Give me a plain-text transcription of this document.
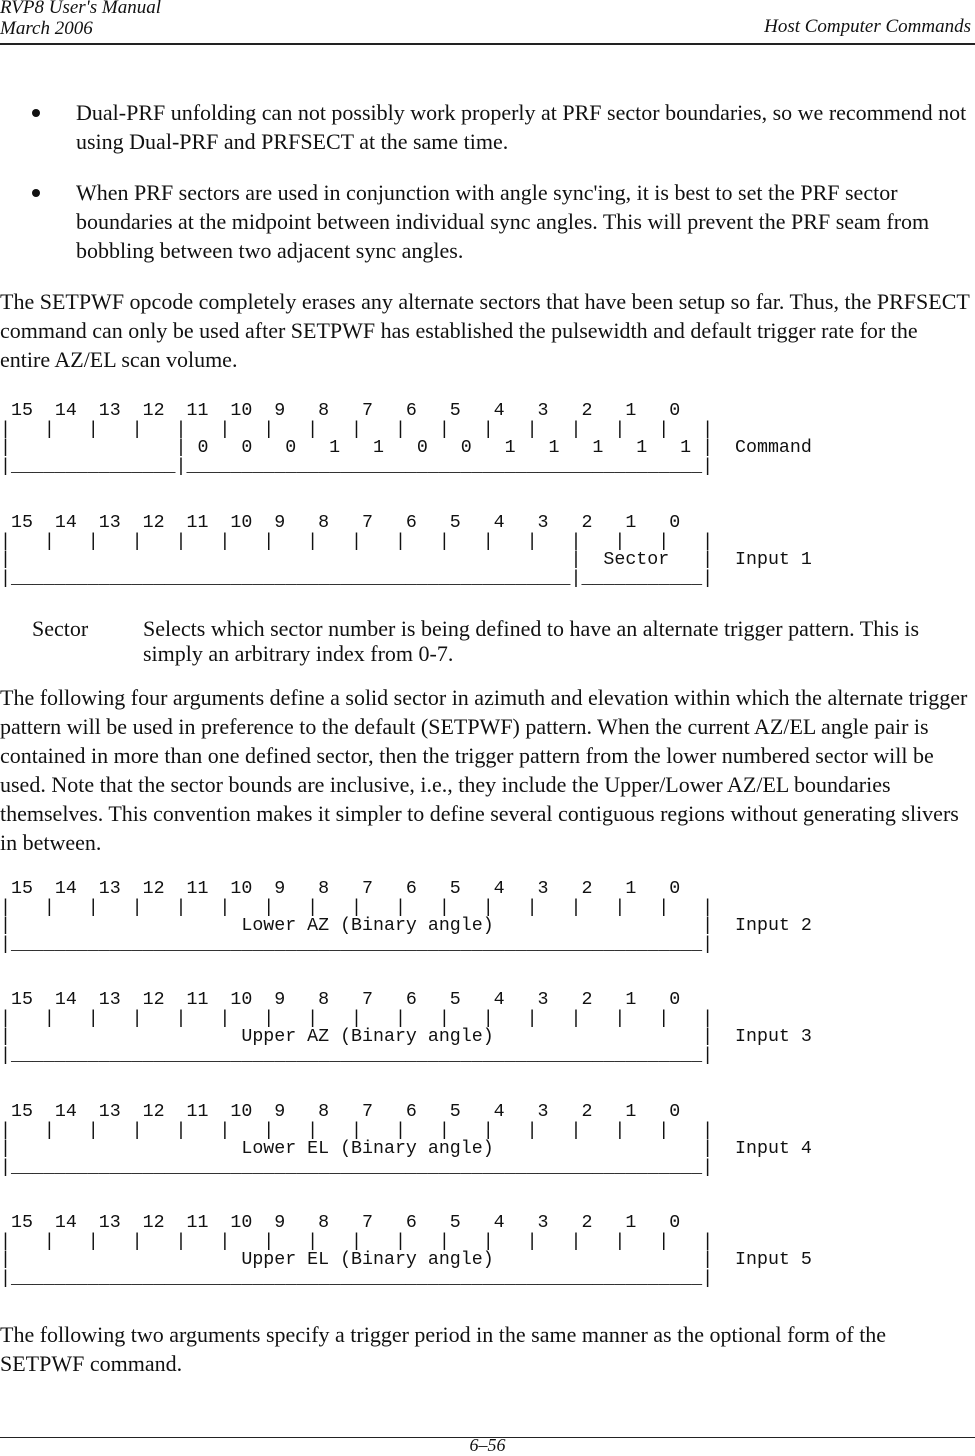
RVP8 User's Manual
March 2006	Host Computer Commands
Dual-PRF unfolding can not possibly work properly at PRF sector boundaries, so we recommend not using Dual-PRF and PRFSECT at the same time.
When PRF sectors are used in conjunction with angle sync'ing, it is best to set the PRF sector boundaries at the midpoint between individual sync angles. This will prevent the PRF seam from bobbling between two adjacent sync angles.
The SETPWF opcode completely erases any alternate sectors that have been setup so far. Thus, the PRFSECT command can only be used after SETPWF has established the pulsewidth and default trigger rate for the entire AZ/EL scan volume.
15  14  13  12  11  10  9   8   7   6   5   4   3   2   1   0
|   |   |   |   |   |   |   |   |   |   |   |   |   |   |   |   |
|               | 0   0   0   1   1   0   0   1   1   1   1   1 |  Command
|_______________|_______________________________________________|
15  14  13  12  11  10  9   8   7   6   5   4   3   2   1   0
|   |   |   |   |   |   |   |   |   |   |   |   |   |   |   |   |
|                                                   |  Sector   |  Input 1
|___________________________________________________|___________|
Sector Selects which sector number is being defined to have an alternate trigger pattern. This is simply an arbitrary index from 0-7.
The following four arguments define a solid sector in azimuth and elevation within which the alternate trigger pattern will be used in preference to the default (SETPWF) pattern. When the current AZ/EL angle pair is contained in more than one defined sector, then the trigger pattern from the lower numbered sector will be used. Note that the sector bounds are inclusive, i.e., they include the Upper/Lower AZ/EL boundaries themselves. This convention makes it simpler to define several contiguous regions without generating slivers in between.
15  14  13  12  11  10  9   8   7   6   5   4   3   2   1   0
|   |   |   |   |   |   |   |   |   |   |   |   |   |   |   |   |
|                     Lower AZ (Binary angle)                   |  Input 2
|_______________________________________________________________|
15  14  13  12  11  10  9   8   7   6   5   4   3   2   1   0
|   |   |   |   |   |   |   |   |   |   |   |   |   |   |   |   |
|                     Upper AZ (Binary angle)                   |  Input 3
|_______________________________________________________________|
15  14  13  12  11  10  9   8   7   6   5   4   3   2   1   0
|   |   |   |   |   |   |   |   |   |   |   |   |   |   |   |   |
|                     Lower EL (Binary angle)                   |  Input 4
|_______________________________________________________________|
15  14  13  12  11  10  9   8   7   6   5   4   3   2   1   0
|   |   |   |   |   |   |   |   |   |   |   |   |   |   |   |   |
|                     Upper EL (Binary angle)                   |  Input 5
|_______________________________________________________________|
The following two arguments specify a trigger period in the same manner as the optional form of the SETPWF command.
6–56
